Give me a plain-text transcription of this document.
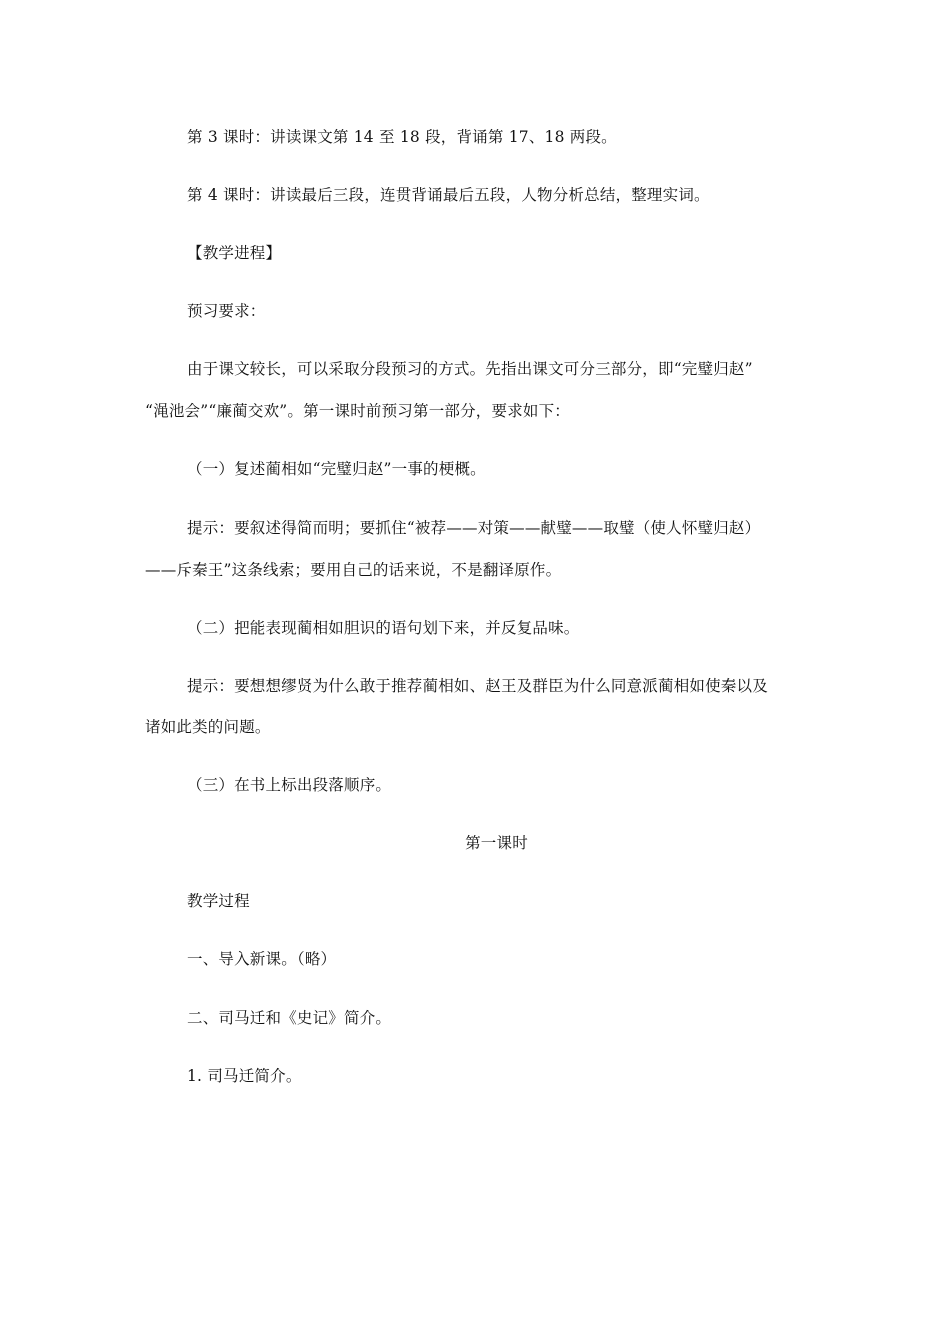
第 3 课时：讲读课文第 14 至 18 段，背诵第 17、18 两段。
第 4 课时：讲读最后三段，连贯背诵最后五段，人物分析总结，整理实词。
【教学进程】
预习要求：
由于课文较长，可以采取分段预习的方式。先指出课文可分三部分，即“完璧归赵”
“渑池会”“廉蔺交欢”。第一课时前预习第一部分，要求如下：
（一）复述蔺相如“完璧归赵”一事的梗概。
提示：要叙述得简而明；要抓住“被荐——对策——献璧——取璧（使人怀璧归赵）
——斥秦王”这条线索；要用自己的话来说，不是翻译原作。
（二）把能表现蔺相如胆识的语句划下来，并反复品味。
提示：要想想缪贤为什么敢于推荐蔺相如、赵王及群臣为什么同意派蔺相如使秦以及
诸如此类的问题。
（三）在书上标出段落顺序。
第一课时
教学过程
一、导入新课。（略）
二、司马迁和《史记》简介。
1. 司马迁简介。
